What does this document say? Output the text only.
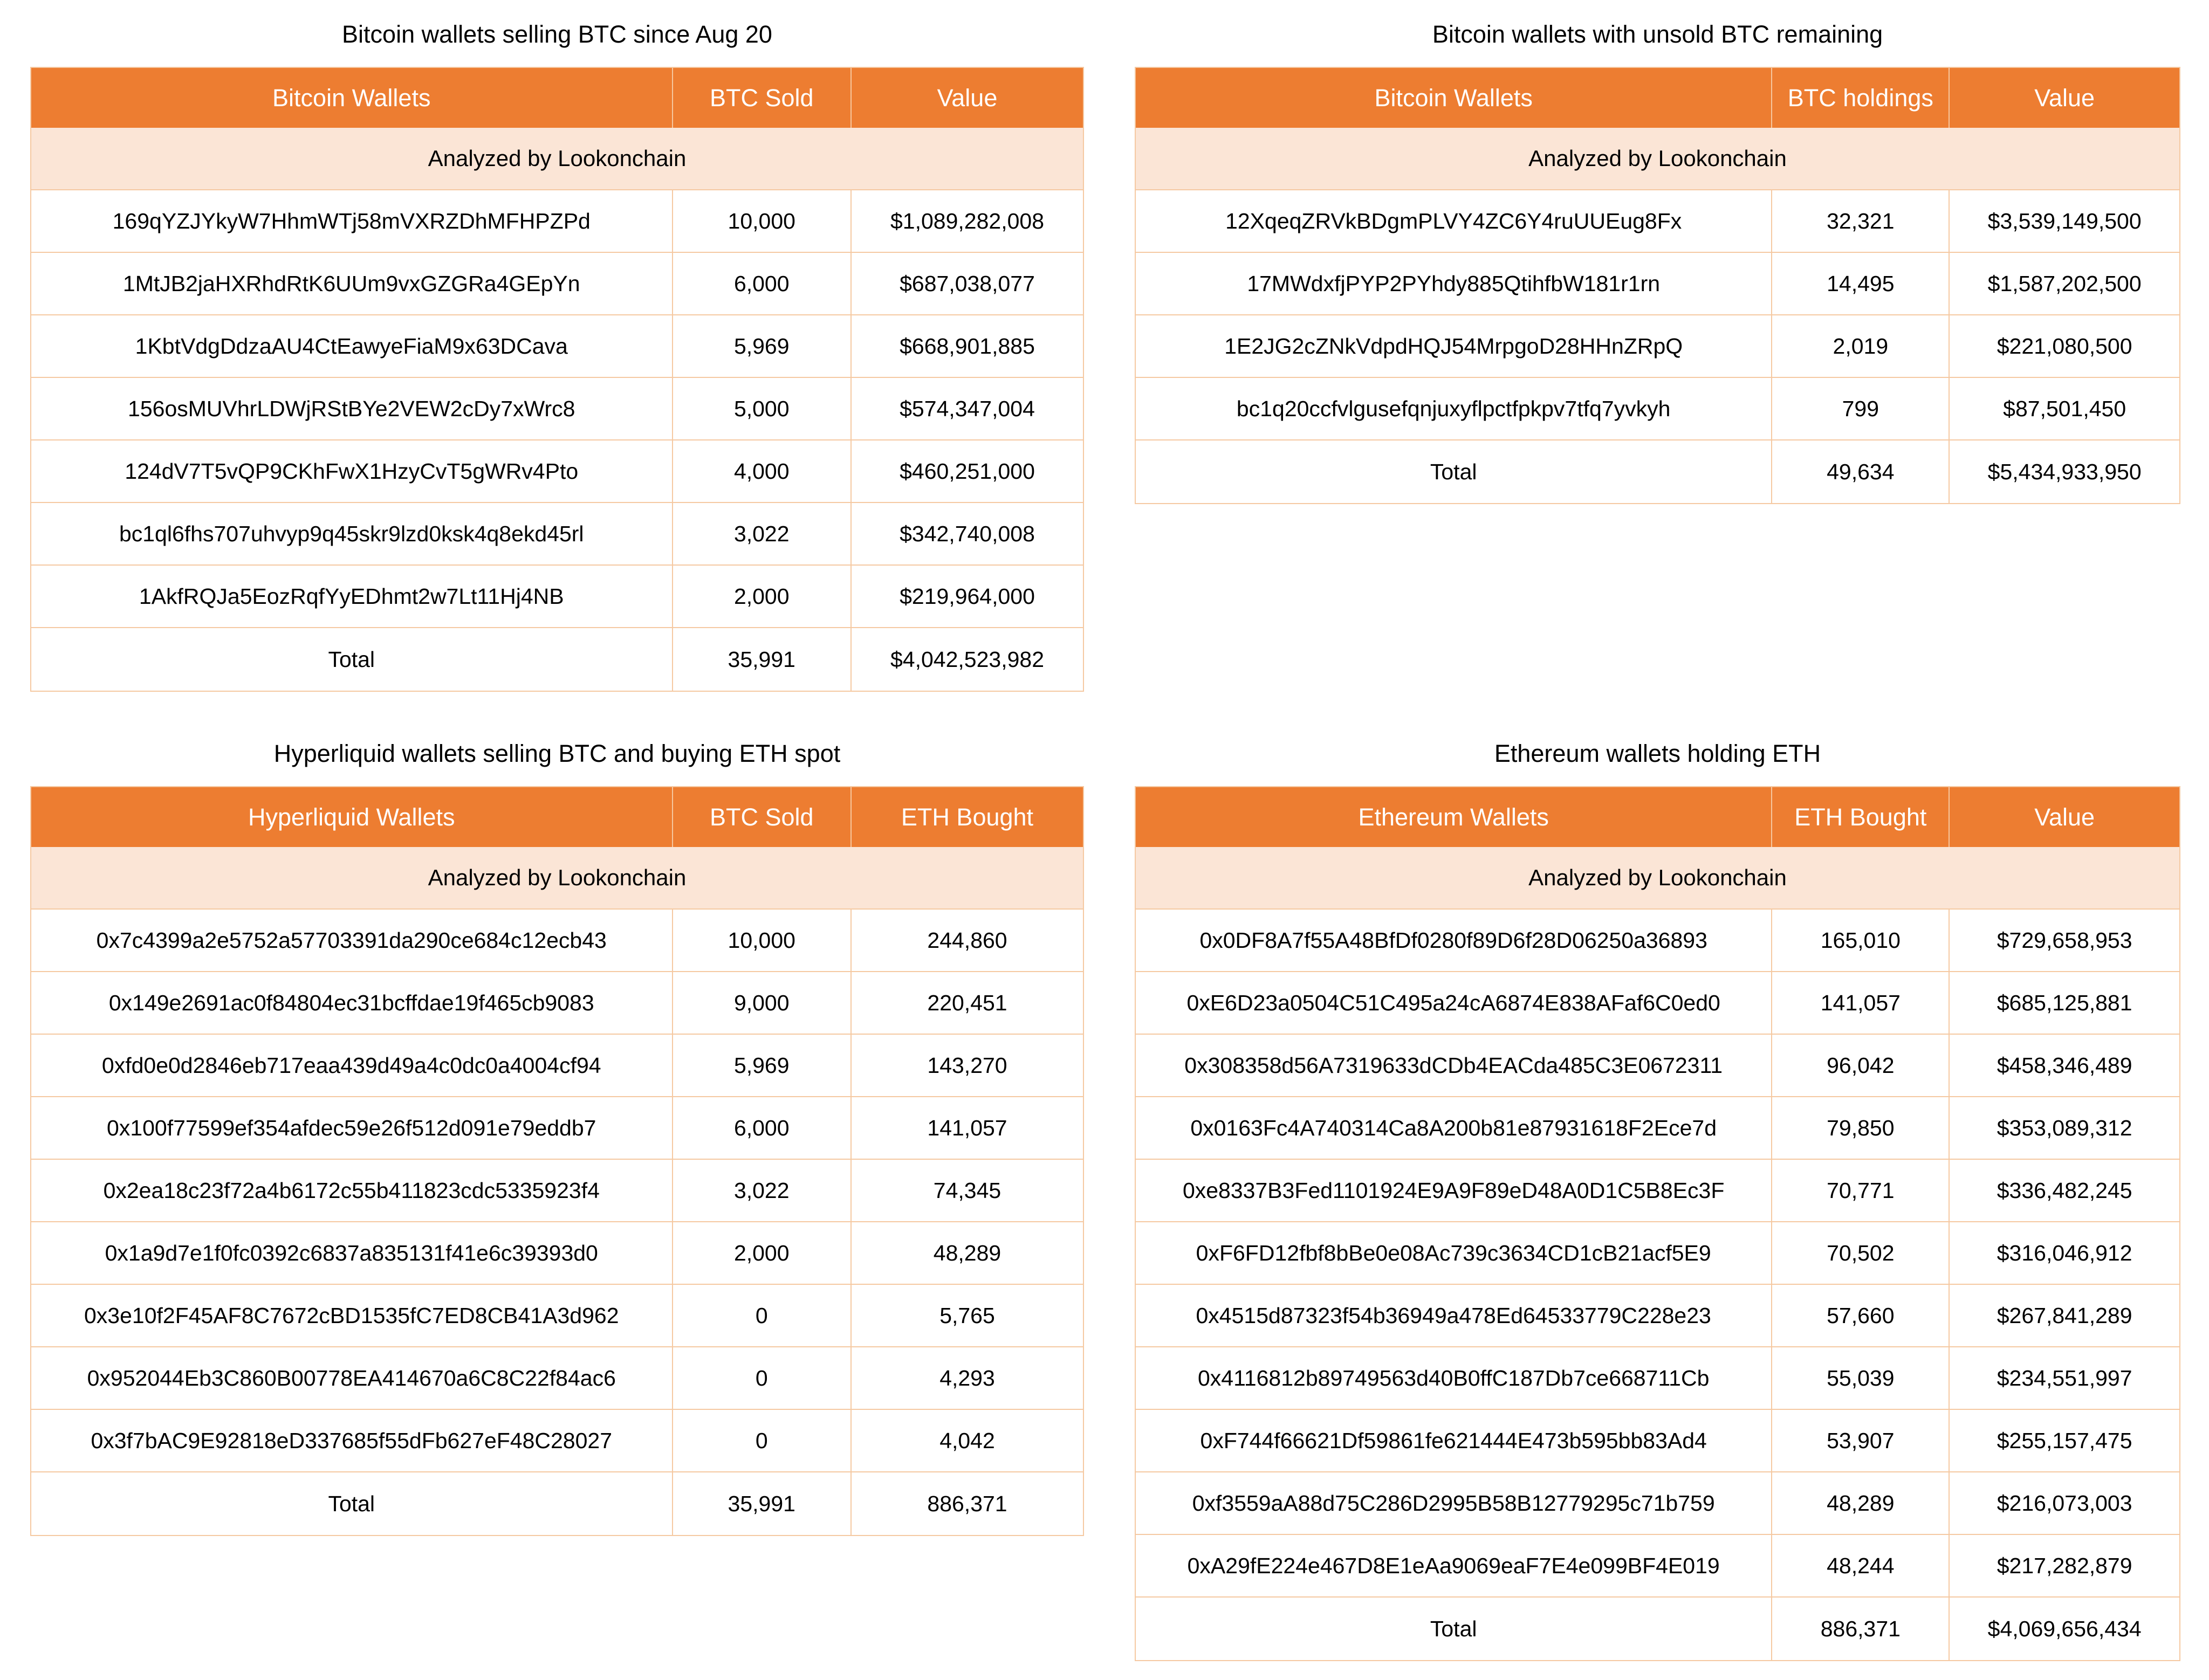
Bitcoin wallets selling BTC since Aug 20
Bitcoin Wallets	BTC Sold	Value
Analyzed by Lookonchain		
169qYZJYkyW7HhmWTj58mVXRZDhMFHPZPd	10,000	$1,089,282,008
1MtJB2jaHXRhdRtK6UUm9vxGZGRa4GEpYn	6,000	$687,038,077
1KbtVdgDdzaAU4CtEawyeFiaM9x63DCava	5,969	$668,901,885
156osMUVhrLDWjRStBYe2VEW2cDy7xWrc8	5,000	$574,347,004
124dV7T5vQP9CKhFwX1HzyCvT5gWRv4Pto	4,000	$460,251,000
bc1ql6fhs707uhvyp9q45skr9lzd0ksk4q8ekd45rl	3,022	$342,740,008
1AkfRQJa5EozRqfYyEDhmt2w7Lt11Hj4NB	2,000	$219,964,000
Total	35,991	$4,042,523,982
Bitcoin wallets with unsold BTC remaining
Bitcoin Wallets	BTC holdings	Value
Analyzed by Lookonchain		
12XqeqZRVkBDgmPLVY4ZC6Y4ruUUEug8Fx	32,321	$3,539,149,500
17MWdxfjPYP2PYhdy885QtihfbW181r1rn	14,495	$1,587,202,500
1E2JG2cZNkVdpdHQJ54MrpgoD28HHnZRpQ	2,019	$221,080,500
bc1q20ccfvlgusefqnjuxyflpctfpkpv7tfq7yvkyh	799	$87,501,450
Total	49,634	$5,434,933,950
Hyperliquid wallets selling BTC and buying ETH spot
Hyperliquid Wallets	BTC Sold	ETH Bought
Analyzed by Lookonchain		
0x7c4399a2e5752a57703391da290ce684c12ecb43	10,000	244,860
0x149e2691ac0f84804ec31bcffdae19f465cb9083	9,000	220,451
0xfd0e0d2846eb717eaa439d49a4c0dc0a4004cf94	5,969	143,270
0x100f77599ef354afdec59e26f512d091e79eddb7	6,000	141,057
0x2ea18c23f72a4b6172c55b411823cdc5335923f4	3,022	74,345
0x1a9d7e1f0fc0392c6837a835131f41e6c39393d0	2,000	48,289
0x3e10f2F45AF8C7672cBD1535fC7ED8CB41A3d962	0	5,765
0x952044Eb3C860B00778EA414670a6C8C22f84ac6	0	4,293
0x3f7bAC9E92818eD337685f55dFb627eF48C28027	0	4,042
Total	35,991	886,371
Ethereum wallets holding ETH
Ethereum Wallets	ETH Bought	Value
Analyzed by Lookonchain		
0x0DF8A7f55A48BfDf0280f89D6f28D06250a36893	165,010	$729,658,953
0xE6D23a0504C51C495a24cA6874E838AFaf6C0ed0	141,057	$685,125,881
0x308358d56A7319633dCDb4EACda485C3E0672311	96,042	$458,346,489
0x0163Fc4A740314Ca8A200b81e87931618F2Ece7d	79,850	$353,089,312
0xe8337B3Fed1101924E9A9F89eD48A0D1C5B8Ec3F	70,771	$336,482,245
0xF6FD12fbf8bBe0e08Ac739c3634CD1cB21acf5E9	70,502	$316,046,912
0x4515d87323f54b36949a478Ed64533779C228e23	57,660	$267,841,289
0x4116812b89749563d40B0ffC187Db7ce668711Cb	55,039	$234,551,997
0xF744f66621Df59861fe621444E473b595bb83Ad4	53,907	$255,157,475
0xf3559aA88d75C286D2995B58B12779295c71b759	48,289	$216,073,003
0xA29fE224e467D8E1eAa9069eaF7E4e099BF4E019	48,244	$217,282,879
Total	886,371	$4,069,656,434
